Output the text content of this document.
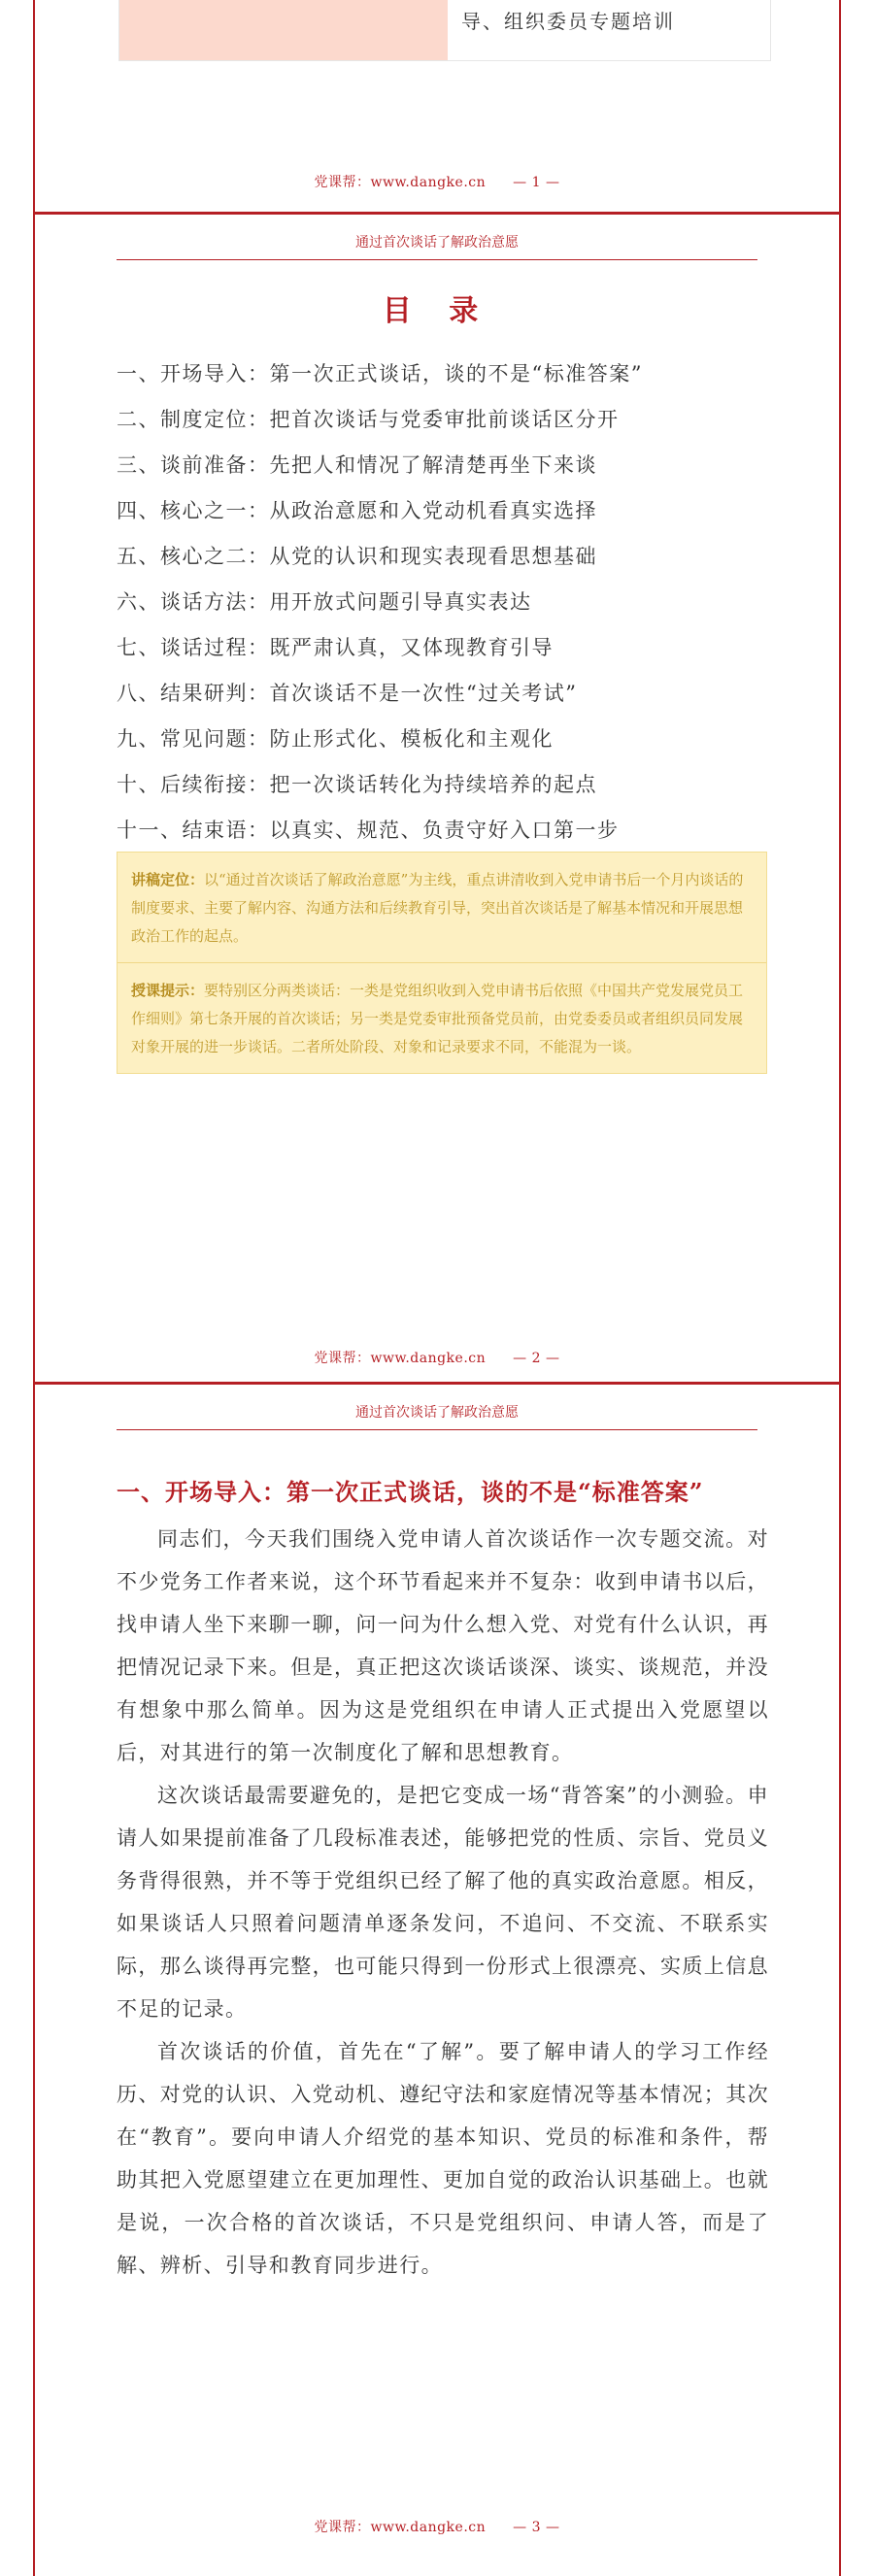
导、组织委员专题培训
党课帮：www.dangke.cn — 1 —
通过首次谈话了解政治意愿
目 录
一、开场导入：第一次正式谈话，谈的不是“标准答案”
二、制度定位：把首次谈话与党委审批前谈话区分开
三、谈前准备：先把人和情况了解清楚再坐下来谈
四、核心之一：从政治意愿和入党动机看真实选择
五、核心之二：从党的认识和现实表现看思想基础
六、谈话方法：用开放式问题引导真实表达
七、谈话过程：既严肃认真，又体现教育引导
八、结果研判：首次谈话不是一次性“过关考试”
九、常见问题：防止形式化、模板化和主观化
十、后续衔接：把一次谈话转化为持续培养的起点
十一、结束语：以真实、规范、负责守好入口第一步
讲稿定位：以“通过首次谈话了解政治意愿”为主线，重点讲清收到入党申请书后一个月内谈话的制度要求、主要了解内容、沟通方法和后续教育引导，突出首次谈话是了解基本情况和开展思想政治工作的起点。
授课提示：要特别区分两类谈话：一类是党组织收到入党申请书后依照《中国共产党发展党员工作细则》第七条开展的首次谈话；另一类是党委审批预备党员前，由党委委员或者组织员同发展对象开展的进一步谈话。二者所处阶段、对象和记录要求不同，不能混为一谈。
党课帮：www.dangke.cn — 2 —
通过首次谈话了解政治意愿
一、开场导入：第一次正式谈话，谈的不是“标准答案”

同志们，今天我们围绕入党申请人首次谈话作一次专题交流。对不少党务工作者来说，这个环节看起来并不复杂：收到申请书以后，找申请人坐下来聊一聊，问一问为什么想入党、对党有什么认识，再把情况记录下来。但是，真正把这次谈话谈深、谈实、谈规范，并没有想象中那么简单。因为这是党组织在申请人正式提出入党愿望以后，对其进行的第一次制度化了解和思想教育。

这次谈话最需要避免的，是把它变成一场“背答案”的小测验。申请人如果提前准备了几段标准表述，能够把党的性质、宗旨、党员义务背得很熟，并不等于党组织已经了解了他的真实政治意愿。相反，如果谈话人只照着问题清单逐条发问，不追问、不交流、不联系实际，那么谈得再完整，也可能只得到一份形式上很漂亮、实质上信息不足的记录。

首次谈话的价值，首先在“了解”。要了解申请人的学习工作经历、对党的认识、入党动机、遵纪守法和家庭情况等基本情况；其次在“教育”。要向申请人介绍党的基本知识、党员的标准和条件，帮助其把入党愿望建立在更加理性、更加自觉的政治认识基础上。也就是说，一次合格的首次谈话，不只是党组织问、申请人答，而是了解、辨析、引导和教育同步进行。

党课帮：www.dangke.cn — 3 —
